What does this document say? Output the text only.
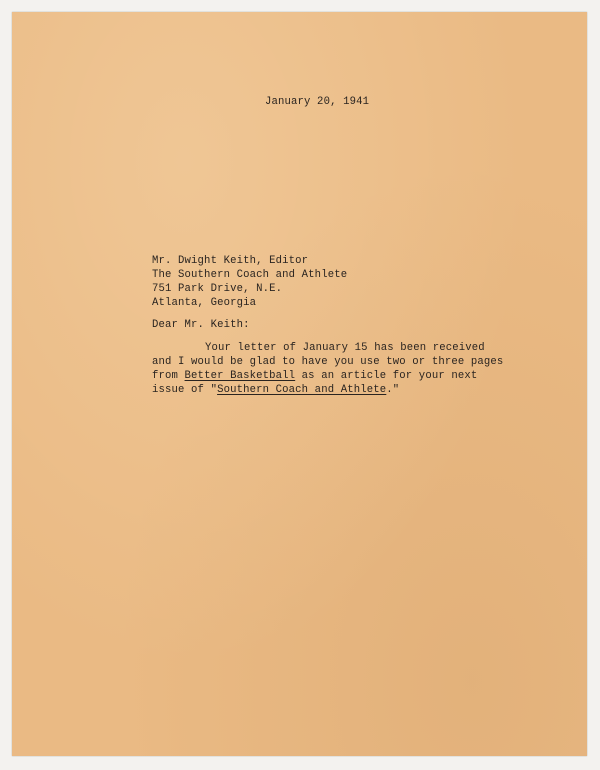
January 20, 1941

Mr. Dwight Keith, Editor

The Southern Coach and Athlete

751 Park Drive, N.E.

Atlanta, Georgia

Dear Mr. Keith:

Your letter of January 15 has been received

and I would be glad to have you use two or three pages

from Better Basketball as an article for your next

issue of "Southern Coach and Athlete."
